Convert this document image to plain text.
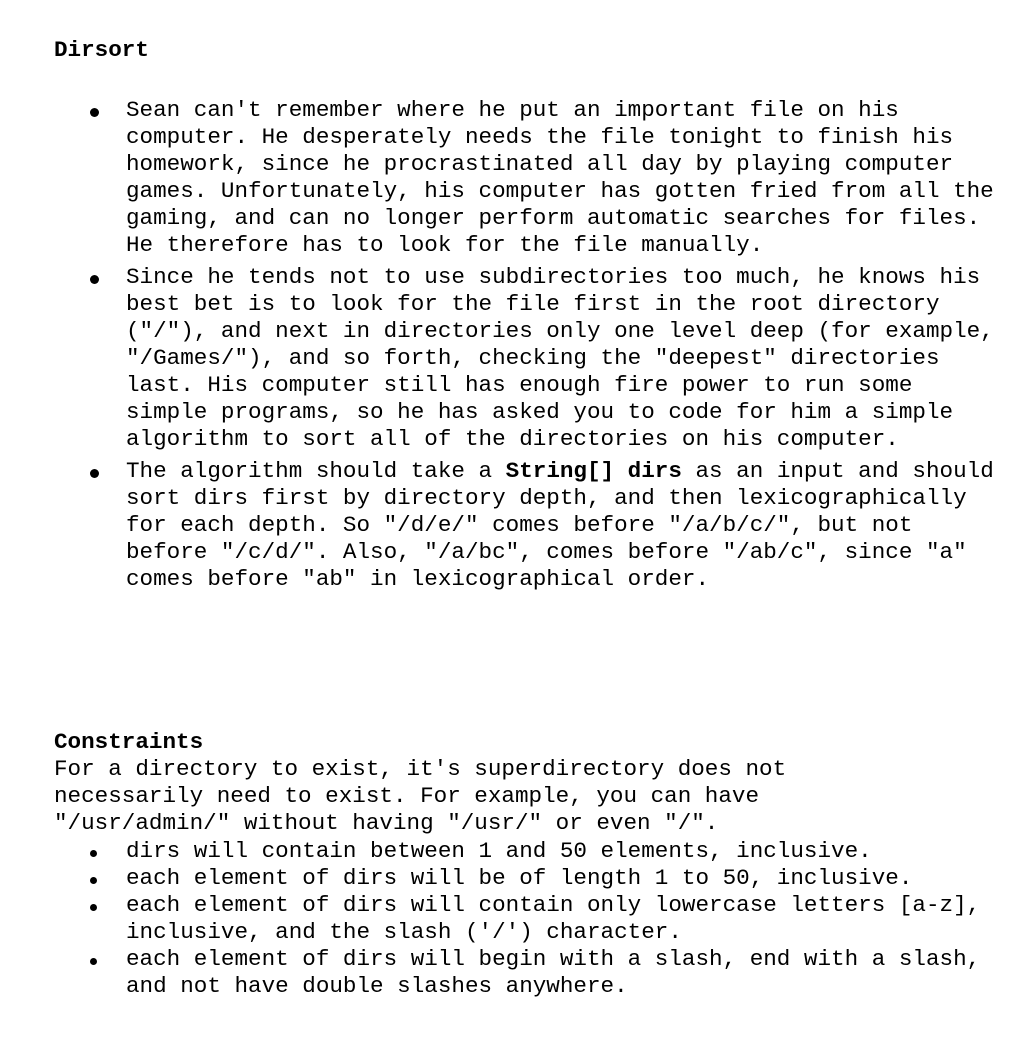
Dirsort
Sean can't remember where he put an important file on his computer. He desperately needs the file tonight to finish his homework, since he procrastinated all day by playing computer games. Unfortunately, his computer has gotten fried from all the gaming, and can no longer perform automatic searches for files. He therefore has to look for the file manually.
Since he tends not to use subdirectories too much, he knows his best bet is to look for the file first in the root directory ("/"), and next in directories only one level deep (for example, "/Games/"), and so forth, checking the "deepest" directories last. His computer still has enough fire power to run some simple programs, so he has asked you to code for him a simple algorithm to sort all of the directories on his computer.
The algorithm should take a String[] dirs as an input and should sort dirs first by directory depth, and then lexicographically for each depth. So "/d/e/" comes before "/a/b/c/", but not before "/c/d/". Also, "/a/bc", comes before "/ab/c", since "a" comes before "ab" in lexicographical order.
Constraints
For a directory to exist, it's superdirectory does not necessarily need to exist. For example, you can have "/usr/admin/" without having "/usr/" or even "/".
dirs will contain between 1 and 50 elements, inclusive.
each element of dirs will be of length 1 to 50, inclusive.
each element of dirs will contain only lowercase letters [a-z], inclusive, and the slash ('/') character.
each element of dirs will begin with a slash, end with a slash, and not have double slashes anywhere.
